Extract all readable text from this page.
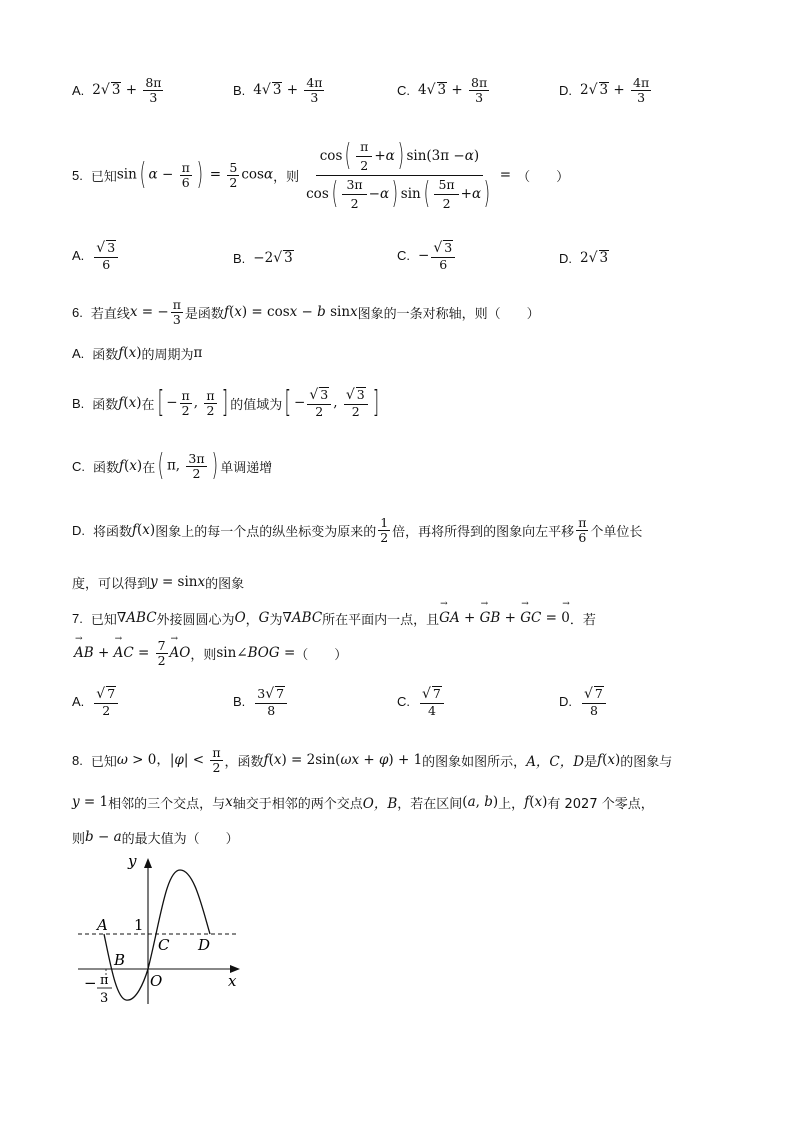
A. 2√ $3 + \frac{8\pi}{3}$	B. 4√ $3 + \frac{4\pi}{3}$	C. 4√ $3 + \frac{8\pi}{3}$	D. 2√ $3 + \frac{4\pi}{3}$
5. 已知 sin( $\alpha - \frac{\pi}{6}$ ) = $\frac{5}{2}$ cosα ，则 $\frac{\cos ( \frac{\pi}{2} + \alpha ) \sin(3\pi - \alpha )}{\cos ( \frac{3\pi}{2} - \alpha ) \sin ( \frac{5\pi}{2} + \alpha )}$ = （　　）
A. $\frac{√ 3}{6}$	B. −2√ 3	C. − $\frac{√ 3}{6}$	D. 2√ 3
6. 若直线 x = − $\frac{\pi}{3}$ 是函数 f(x) = cosx − b sinx 图象的一条对称轴，则（　　）
A. 函数 f(x) 的周期为 π
B. 函数 f(x) 在 [ − $\frac{\pi}{2}$ , $\frac{\pi}{2}$ ] 的值域为 [ − $\frac{√ 3}{2}$ , $\frac{√ 3}{2}$ ]
C. 函数 f(x) 在 ( π, $\frac{3\pi}{2}$ ) 单调递增
D. 将函数 f(x) 图象上的每一个点的纵坐标变为原来的 $\frac{1}{2}$ 倍，再将所得到的图象向左平移 $\frac{\pi}{6}$ 个单位长
度，可以得到 y = sinx 的图象
7. 已知 ∇ABC 外接圆圆心为 O ， G 为 ∇ABC 所在平面内一点，且 → GA + → GB + → GC = → 0 ．若
→ AB + → AC = $\frac{7}{2}$ → AO ，则 sin∠BOG = （　　）
A. $\frac{√ 7}{2}$	B. $\frac{3√ 7}{8}$	C. $\frac{√ 7}{4}$	D. $\frac{√ 7}{8}$
8. 已知 ω > 0，$|\varphi| < \frac{\pi}{2}$ ，函数 f(x) = 2sin(ωx + φ) + 1 的图象如图所示， A，C，D 是 f(x) 的图象与
y = 1 相邻的三个交点，与 x 轴交于相邻的两个交点 O，B ，若在区间 (a, b) 上， f(x) 有 2027 个零点，
则 b − a 的最大值为（　　）
y
x
O
1
A
B
C D
− π
3
